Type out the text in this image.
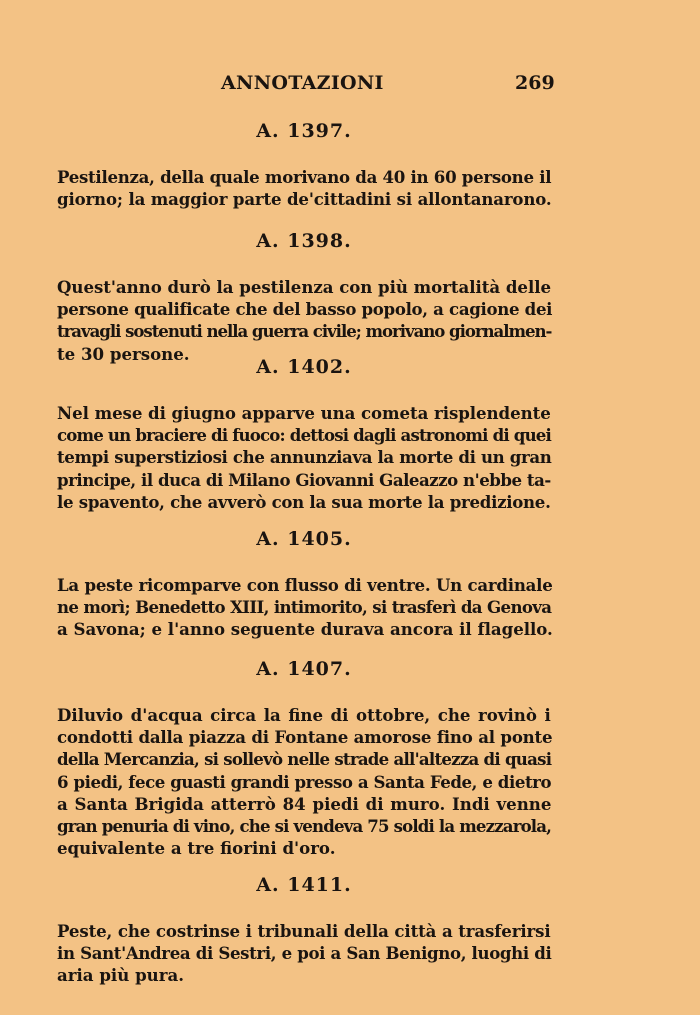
ANNOTAZIONI	269
A. 1397.
Pestilenza, della quale morivano da 40 in 60 persone il
giorno; la maggior parte de'cittadini si allontanarono.
A. 1398.
Quest'anno durò la pestilenza con più mortalità delle
persone qualificate che del basso popolo, a cagione dei
travagli sostenuti nella guerra civile; morivano giornalmen-
te 30 persone.
A. 1402.
Nel mese di giugno apparve una cometa risplendente
come un braciere di fuoco: dettosi dagli astronomi di quei
tempi superstiziosi che annunziava la morte di un gran
principe, il duca di Milano Giovanni Galeazzo n'ebbe ta-
le spavento, che avverò con la sua morte la predizione.
A. 1405.
La peste ricomparve con flusso di ventre. Un cardinale
ne morì; Benedetto XIII, intimorito, si trasferì da Genova
a Savona; e l'anno seguente durava ancora il flagello.
A. 1407.
Diluvio d'acqua circa la fine di ottobre, che rovinò i
condotti dalla piazza di Fontane amorose fino al ponte
della Mercanzia, si sollevò nelle strade all'altezza di quasi
6 piedi, fece guasti grandi presso a Santa Fede, e dietro
a Santa Brigida atterrò 84 piedi di muro. Indi venne
gran penuria di vino, che si vendeva 75 soldi la mezzarola,
equivalente a tre fiorini d'oro.
A. 1411.
Peste, che costrinse i tribunali della città a trasferirsi
in Sant'Andrea di Sestri, e poi a San Benigno, luoghi di
aria più pura.
